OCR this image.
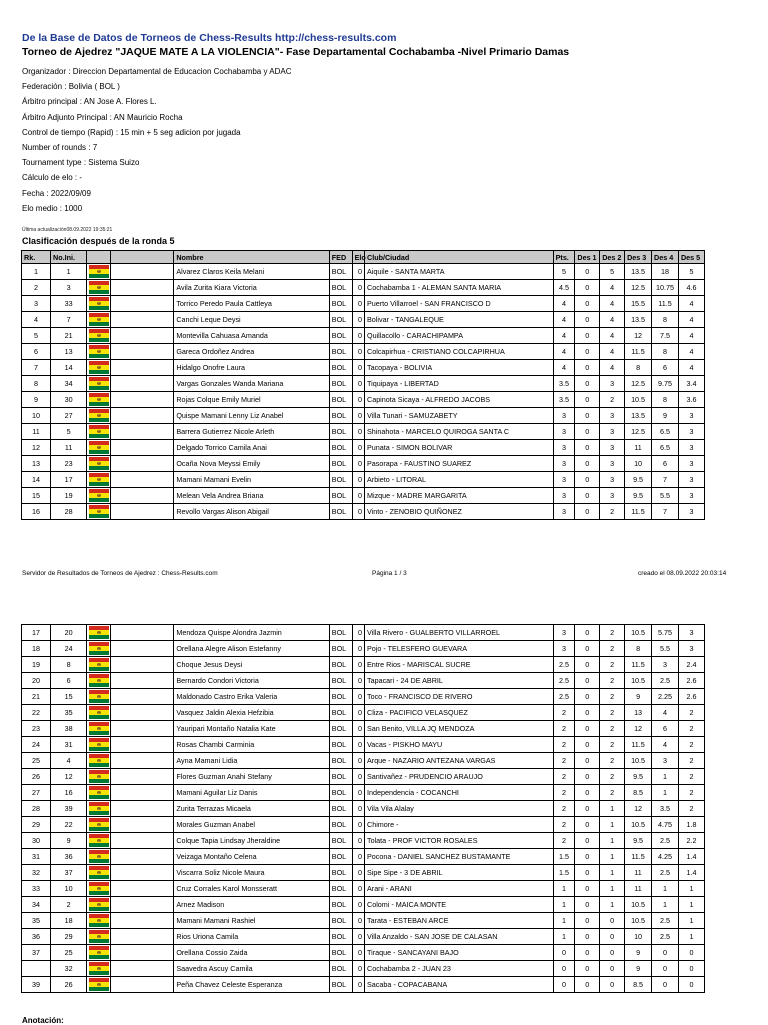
De la Base de Datos de Torneos de Chess-Results http://chess-results.com
Torneo de Ajedrez "JAQUE MATE A LA VIOLENCIA"- Fase Departamental Cochabamba -Nivel Primario Damas
Organizador : Direccion Departamental de Educacion Cochabamba y ADAC
Federación : Bolivia ( BOL )
Árbitro principal : AN Jose A. Flores L.
Árbitro Adjunto Principal : AN Mauricio Rocha
Control de tiempo (Rapid) : 15 min + 5 seg adicion por jugada
Number of rounds : 7
Tournament type : Sistema Suizo
Cálculo de elo : -
Fecha : 2022/09/09
Elo medio : 1000
Última actualización08.09.2022 19:35:21
Clasificación después de la ronda 5
Rk.	No.Ini.			Nombre	FED	Elo	Club/Ciudad	Pts.	Des 1	Des 2	Des 3	Des 4	Des 5
1	1			Alvarez Claros Keila Melani	BOL	0	Aiquile - SANTA MARTA	5	0	5	13.5	18	5
2	3			Avila Zurita Kiara Victoria	BOL	0	Cochabamba 1 - ALEMAN SANTA MARIA	4.5	0	4	12.5	10.75	4.6
3	33			Torrico Peredo Paula Cattleya	BOL	0	Puerto Villarroel - SAN FRANCISCO D	4	0	4	15.5	11.5	4
4	7			Canchi Leque Deysi	BOL	0	Bolivar - TANGALEQUE	4	0	4	13.5	8	4
5	21			Montevilla Cahuasa Amanda	BOL	0	Quillacollo - CARACHIPAMPA	4	0	4	12	7.5	4
6	13			Gareca Ordoñez Andrea	BOL	0	Colcapirhua - CRISTIANO COLCAPIRHUA	4	0	4	11.5	8	4
7	14			Hidalgo Onofre Laura	BOL	0	Tacopaya - BOLIVIA	4	0	4	8	6	4
8	34			Vargas Gonzales Wanda Mariana	BOL	0	Tiquipaya - LIBERTAD	3.5	0	3	12.5	9.75	3.4
9	30			Rojas Colque Emily Muriel	BOL	0	Capinota Sicaya - ALFREDO JACOBS	3.5	0	2	10.5	8	3.6
10	27			Quispe Mamani Lenny Liz Anabel	BOL	0	Villa Tunari - SAMUZABETY	3	0	3	13.5	9	3
11	5			Barrera Gutierrez Nicole Arleth	BOL	0	Shinahota - MARCELO QUIROGA SANTA C	3	0	3	12.5	6.5	3
12	11			Delgado Torrico Camila Anai	BOL	0	Punata - SIMON BOLIVAR	3	0	3	11	6.5	3
13	23			Ocaña Nova Meyssi Emily	BOL	0	Pasorapa - FAUSTINO SUAREZ	3	0	3	10	6	3
14	17			Mamani Mamani Evelin	BOL	0	Arbieto - LITORAL	3	0	3	9.5	7	3
15	19			Melean Vela Andrea Briana	BOL	0	Mizque - MADRE MARGARITA	3	0	3	9.5	5.5	3
16	28			Revollo Vargas Alison Abigail	BOL	0	Vinto - ZENOBIO QUIÑONEZ	3	0	2	11.5	7	3
Servidor de Resultados de Torneos de Ajedrez : Chess-Results.com	Página 1 / 3	creado el 08.09.2022 20:03:14
17	20			Mendoza Quispe Alondra Jazmin	BOL	0	Villa Rivero - GUALBERTO VILLARROEL	3	0	2	10.5	5.75	3
18	24			Orellana Alegre Alison Estefanny	BOL	0	Pojo - TELESFERO GUEVARA	3	0	2	8	5.5	3
19	8			Choque Jesus Deysi	BOL	0	Entre Rios - MARISCAL SUCRE	2.5	0	2	11.5	3	2.4
20	6			Bernardo Condori Victoria	BOL	0	Tapacari - 24 DE ABRIL	2.5	0	2	10.5	2.5	2.6
21	15			Maldonado Castro Erika Valeria	BOL	0	Toco - FRANCISCO DE RIVERO	2.5	0	2	9	2.25	2.6
22	35			Vasquez Jaldin Alexia Hefzibia	BOL	0	Cliza - PACIFICO VELASQUEZ	2	0	2	13	4	2
23	38			Yauripari Montaño Natalia Kate	BOL	0	San Benito, VILLA JQ MENDOZA	2	0	2	12	6	2
24	31			Rosas Chambi Carminia	BOL	0	Vacas - PISKHO MAYU	2	0	2	11.5	4	2
25	4			Ayna Mamani Lidia	BOL	0	Arque - NAZARIO ANTEZANA VARGAS	2	0	2	10.5	3	2
26	12			Flores Guzman Anahi Stefany	BOL	0	Santivañez - PRUDENCIO ARAUJO	2	0	2	9.5	1	2
27	16			Mamani Aguilar Liz Danis	BOL	0	Independencia - COCANCHI	2	0	2	8.5	1	2
28	39			Zurita Terrazas Micaela	BOL	0	Vila Vila Alalay	2	0	1	12	3.5	2
29	22			Morales Guzman Anabel	BOL	0	Chimore -	2	0	1	10.5	4.75	1.8
30	9			Colque Tapia Lindsay Jheraldine	BOL	0	Tolata - PROF VICTOR ROSALES	2	0	1	9.5	2.5	2.2
31	36			Veizaga Montaño Celena	BOL	0	Pocona - DANIEL SANCHEZ BUSTAMANTE	1.5	0	1	11.5	4.25	1.4
32	37			Viscarra Soliz Nicole Maura	BOL	0	Sipe Sipe - 3 DE ABRIL	1.5	0	1	11	2.5	1.4
33	10			Cruz Corrales Karol Monsseratt	BOL	0	Arani - ARANI	1	0	1	11	1	1
34	2			Arnez Madison	BOL	0	Colomi - MAICA MONTE	1	0	1	10.5	1	1
35	18			Mamani Mamani Rashiel	BOL	0	Tarata - ESTEBAN ARCE	1	0	0	10.5	2.5	1
36	29			Rios Uriona Camila	BOL	0	Villa Anzaldo - SAN JOSE DE CALASAN	1	0	0	10	2.5	1
37	25			Orellana Cossio Zaida	BOL	0	Tiraque - SANCAYANI BAJO	0	0	0	9	0	0
	32			Saavedra Ascuy Camila	BOL	0	Cochabamba 2 - JUAN 23	0	0	0	9	0	0
39	26			Peña Chavez Celeste Esperanza	BOL	0	Sacaba - COPACABANA	0	0	0	8.5	0	0
Anotación:
